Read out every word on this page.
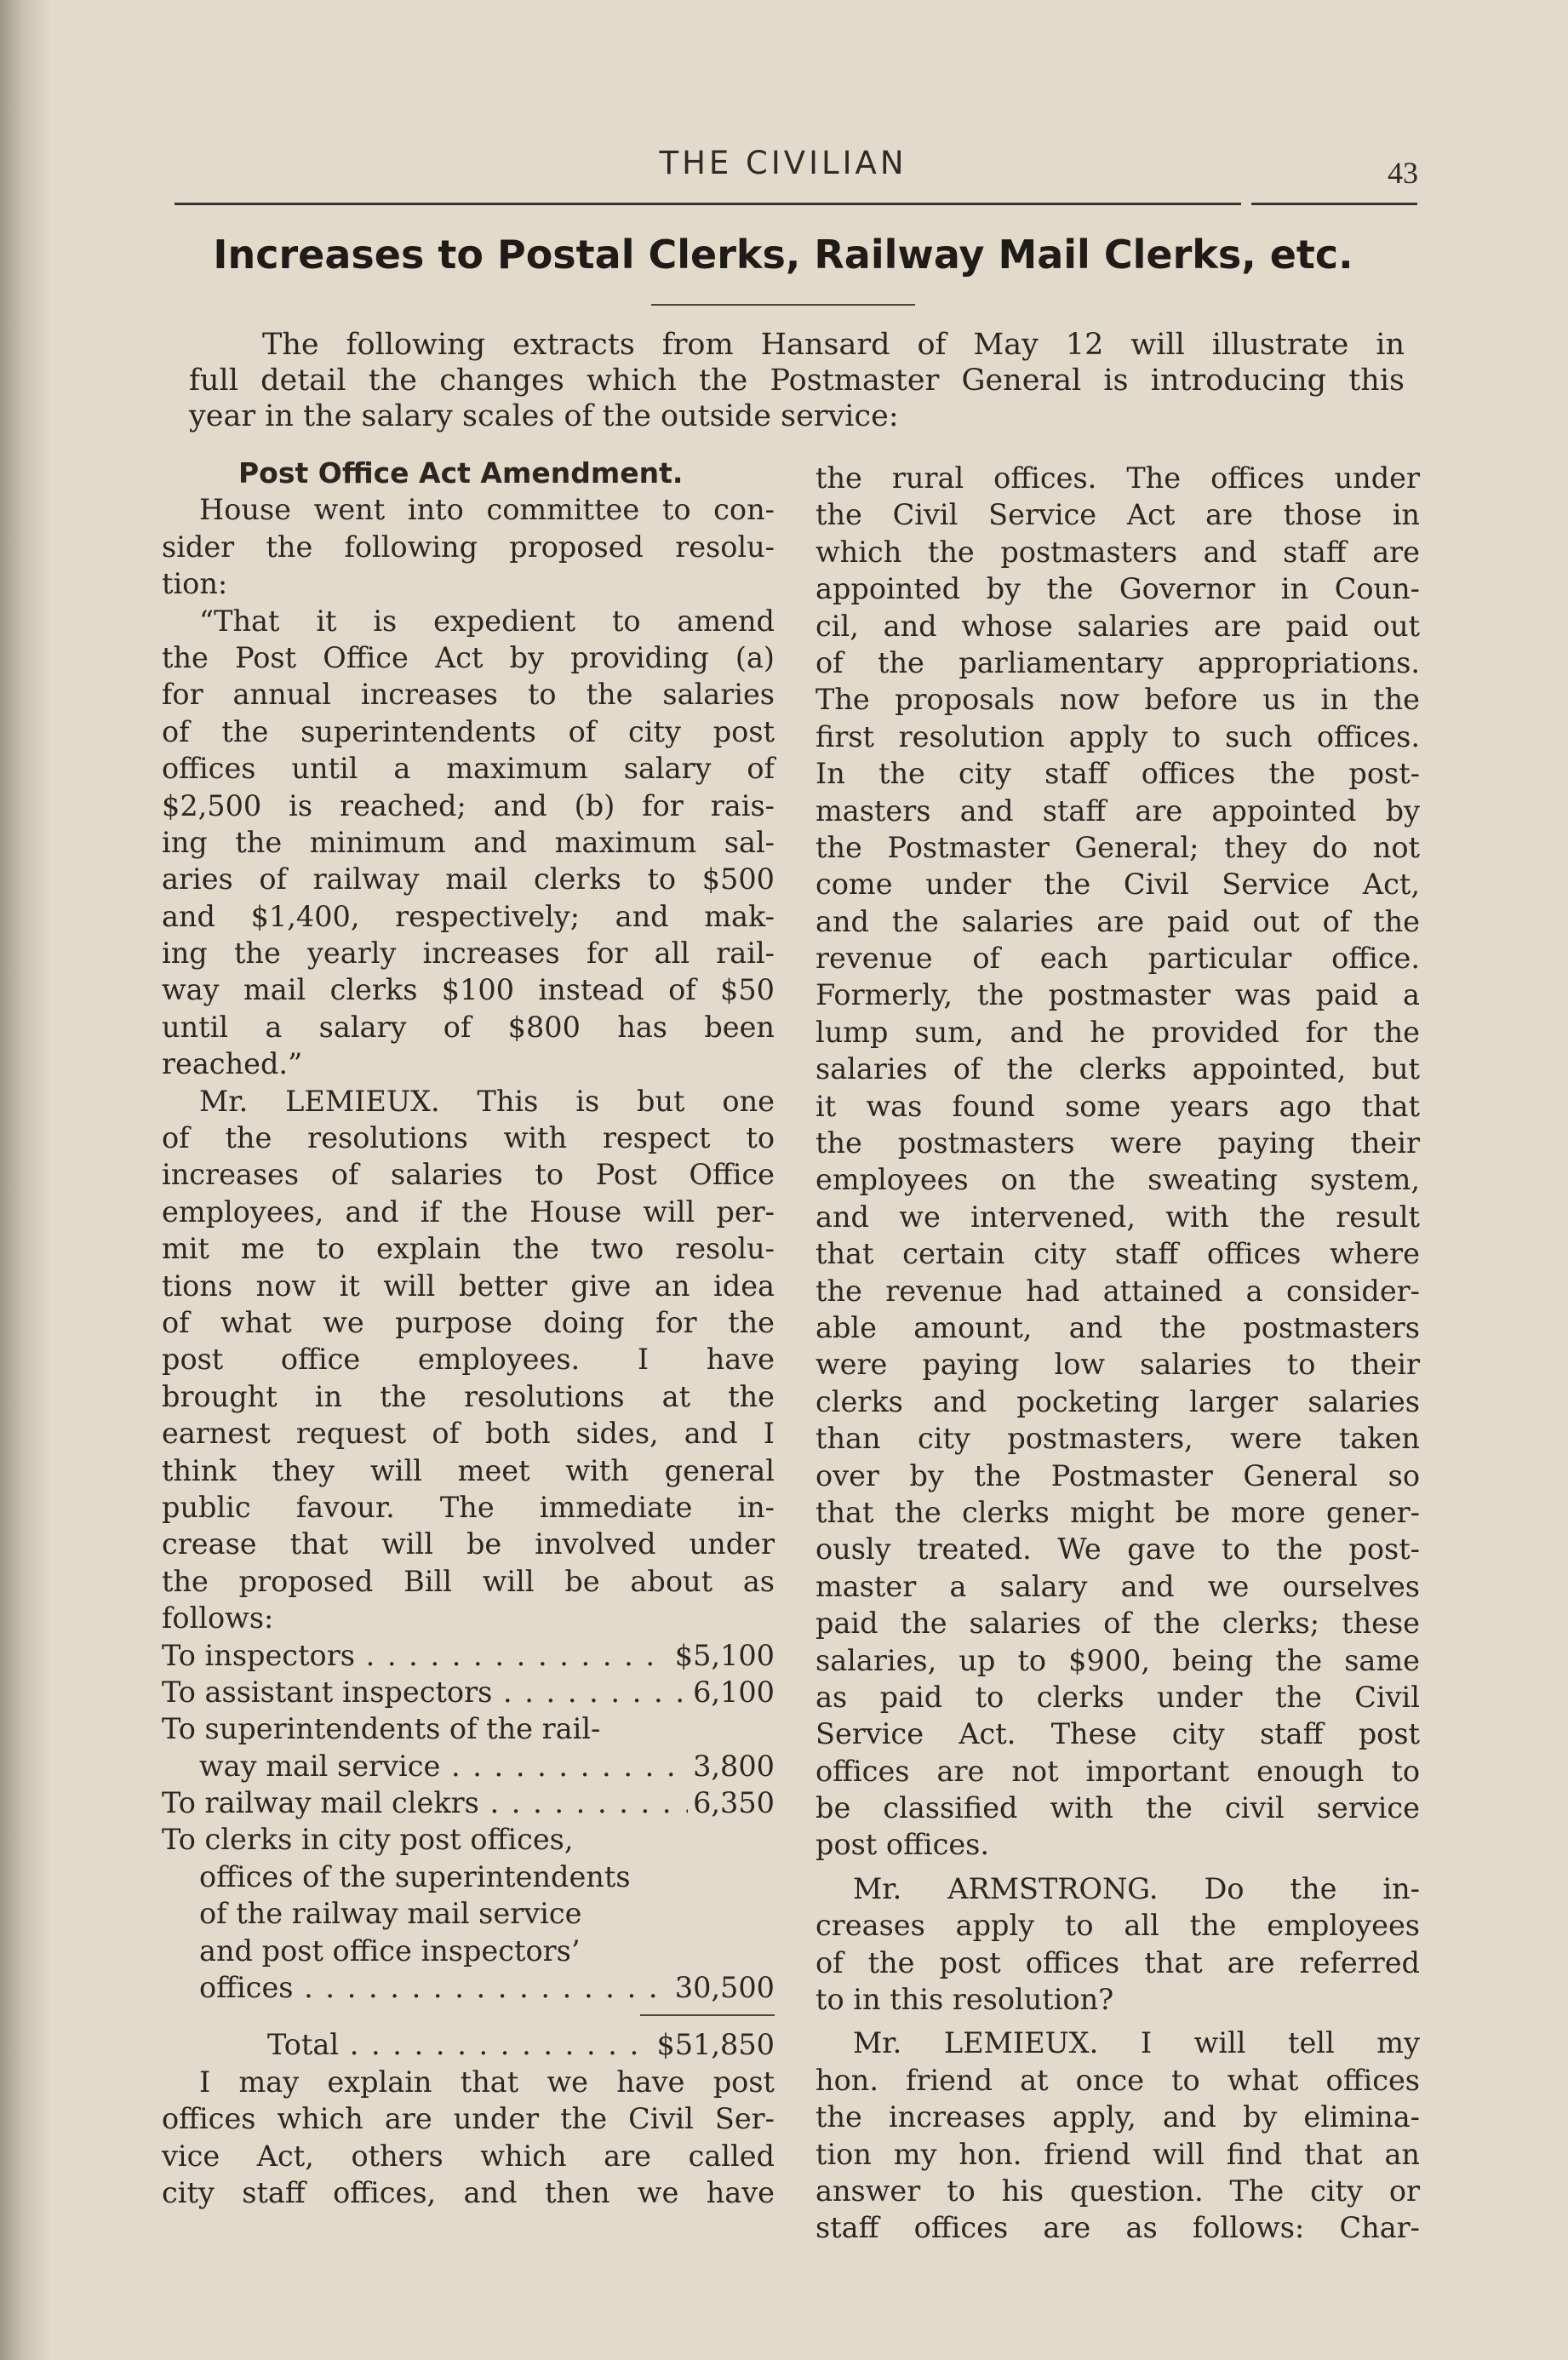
THE CIVILIAN	43
Increases to Postal Clerks, Railway Mail Clerks, etc.
The following extracts from Hansard of May 12 will illustrate in
full detail the changes which the Postmaster General is introducing this
year in the salary scales of the outside service:
Post Office Act Amendment.
House went into committee to con-
sider the following proposed resolu-
tion:
“That it is expedient to amend
the Post Office Act by providing (a)
for annual increases to the salaries
of the superintendents of city post
offices until a maximum salary of
$2,500 is reached; and (b) for rais-
ing the minimum and maximum sal-
aries of railway mail clerks to $500
and $1,400, respectively; and mak-
ing the yearly increases for all rail-
way mail clerks $100 instead of $50
until a salary of $800 has been
reached.”
Mr. LEMIEUX. This is but one
of the resolutions with respect to
increases of salaries to Post Office
employees, and if the House will per-
mit me to explain the two resolu-
tions now it will better give an idea
of what we purpose doing for the
post office employees. I have
brought in the resolutions at the
earnest request of both sides, and I
think they will meet with general
public favour. The immediate in-
crease that will be involved under
the proposed Bill will be about as
follows:
To inspectors . . .	$5,100
To assistant inspectors . . .	6,100
To superintendents of the rail-
way mail service . . .	3,800
To railway mail clekrs . . .	6,350
To clerks in city post offices,
offices of the superintendents
of the railway mail service
and post office inspectors’
offices . . .	30,500
Total . . .	$51,850
I may explain that we have post
offices which are under the Civil Ser-
vice Act, others which are called
city staff offices, and then we have
the rural offices. The offices under
the Civil Service Act are those in
which the postmasters and staff are
appointed by the Governor in Coun-
cil, and whose salaries are paid out
of the parliamentary appropriations.
The proposals now before us in the
first resolution apply to such offices.
In the city staff offices the post-
masters and staff are appointed by
the Postmaster General; they do not
come under the Civil Service Act,
and the salaries are paid out of the
revenue of each particular office.
Formerly, the postmaster was paid a
lump sum, and he provided for the
salaries of the clerks appointed, but
it was found some years ago that
the postmasters were paying their
employees on the sweating system,
and we intervened, with the result
that certain city staff offices where
the revenue had attained a consider-
able amount, and the postmasters
were paying low salaries to their
clerks and pocketing larger salaries
than city postmasters, were taken
over by the Postmaster General so
that the clerks might be more gener-
ously treated. We gave to the post-
master a salary and we ourselves
paid the salaries of the clerks; these
salaries, up to $900, being the same
as paid to clerks under the Civil
Service Act. These city staff post
offices are not important enough to
be classified with the civil service
post offices.
Mr. ARMSTRONG. Do the in-
creases apply to all the employees
of the post offices that are referred
to in this resolution?
Mr. LEMIEUX. I will tell my
hon. friend at once to what offices
the increases apply, and by elimina-
tion my hon. friend will find that an
answer to his question. The city or
staff offices are as follows: Char-
